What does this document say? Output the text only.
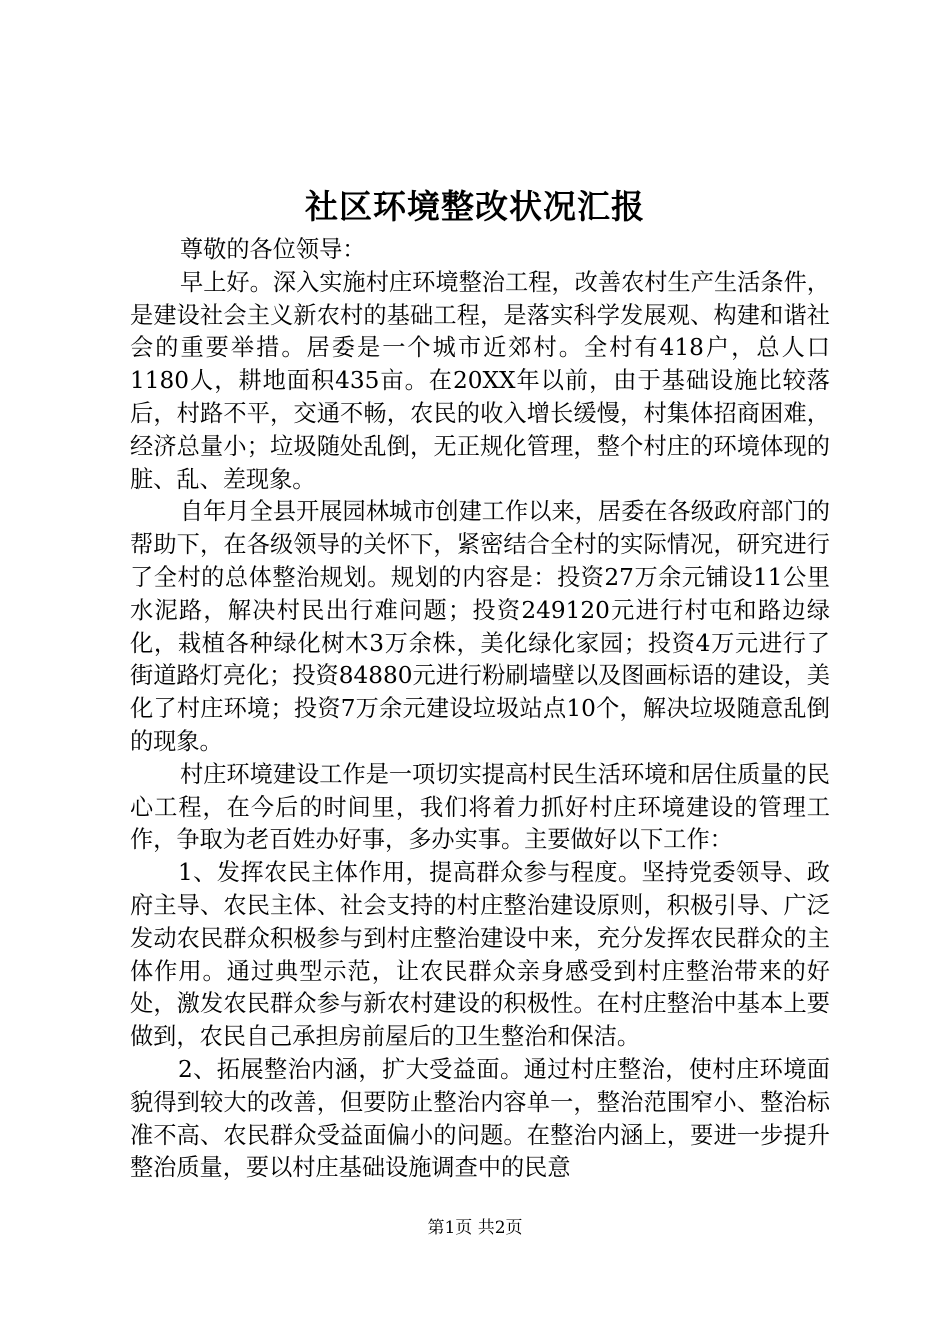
社区环境整改状况汇报

尊敬的各位领导：

早上好。深入实施村庄环境整治工程，改善农村生产生活条件，是建设社会主义新农村的基础工程，是落实科学发展观、构建和谐社会的重要举措。居委是一个城市近郊村。全村有418户，总人口1180人，耕地面积435亩。在20XX年以前，由于基础设施比较落后，村路不平，交通不畅，农民的收入增长缓慢，村集体招商困难，经济总量小；垃圾随处乱倒，无正规化管理，整个村庄的环境体现的脏、乱、差现象。

自年月全县开展园林城市创建工作以来，居委在各级政府部门的帮助下，在各级领导的关怀下，紧密结合全村的实际情况，研究进行了全村的总体整治规划。规划的内容是：投资27万余元铺设11公里水泥路，解决村民出行难问题；投资249120元进行村屯和路边绿化，栽植各种绿化树木3万余株，美化绿化家园；投资4万元进行了街道路灯亮化；投资84880元进行粉刷墙壁以及图画标语的建设，美化了村庄环境；投资7万余元建设垃圾站点10个，解决垃圾随意乱倒的现象。

村庄环境建设工作是一项切实提高村民生活环境和居住质量的民心工程，在今后的时间里，我们将着力抓好村庄环境建设的管理工作，争取为老百姓办好事，多办实事。主要做好以下工作：

1、发挥农民主体作用，提高群众参与程度。坚持党委领导、政府主导、农民主体、社会支持的村庄整治建设原则，积极引导、广泛发动农民群众积极参与到村庄整治建设中来，充分发挥农民群众的主体作用。通过典型示范，让农民群众亲身感受到村庄整治带来的好处，激发农民群众参与新农村建设的积极性。在村庄整治中基本上要做到，农民自己承担房前屋后的卫生整治和保洁。

2、拓展整治内涵，扩大受益面。通过村庄整治，使村庄环境面貌得到较大的改善，但要防止整治内容单一，整治范围窄小、整治标准不高、农民群众受益面偏小的问题。在整治内涵上，要进一步提升整治质量，要以村庄基础设施调查中的民意

第1页 共2页
